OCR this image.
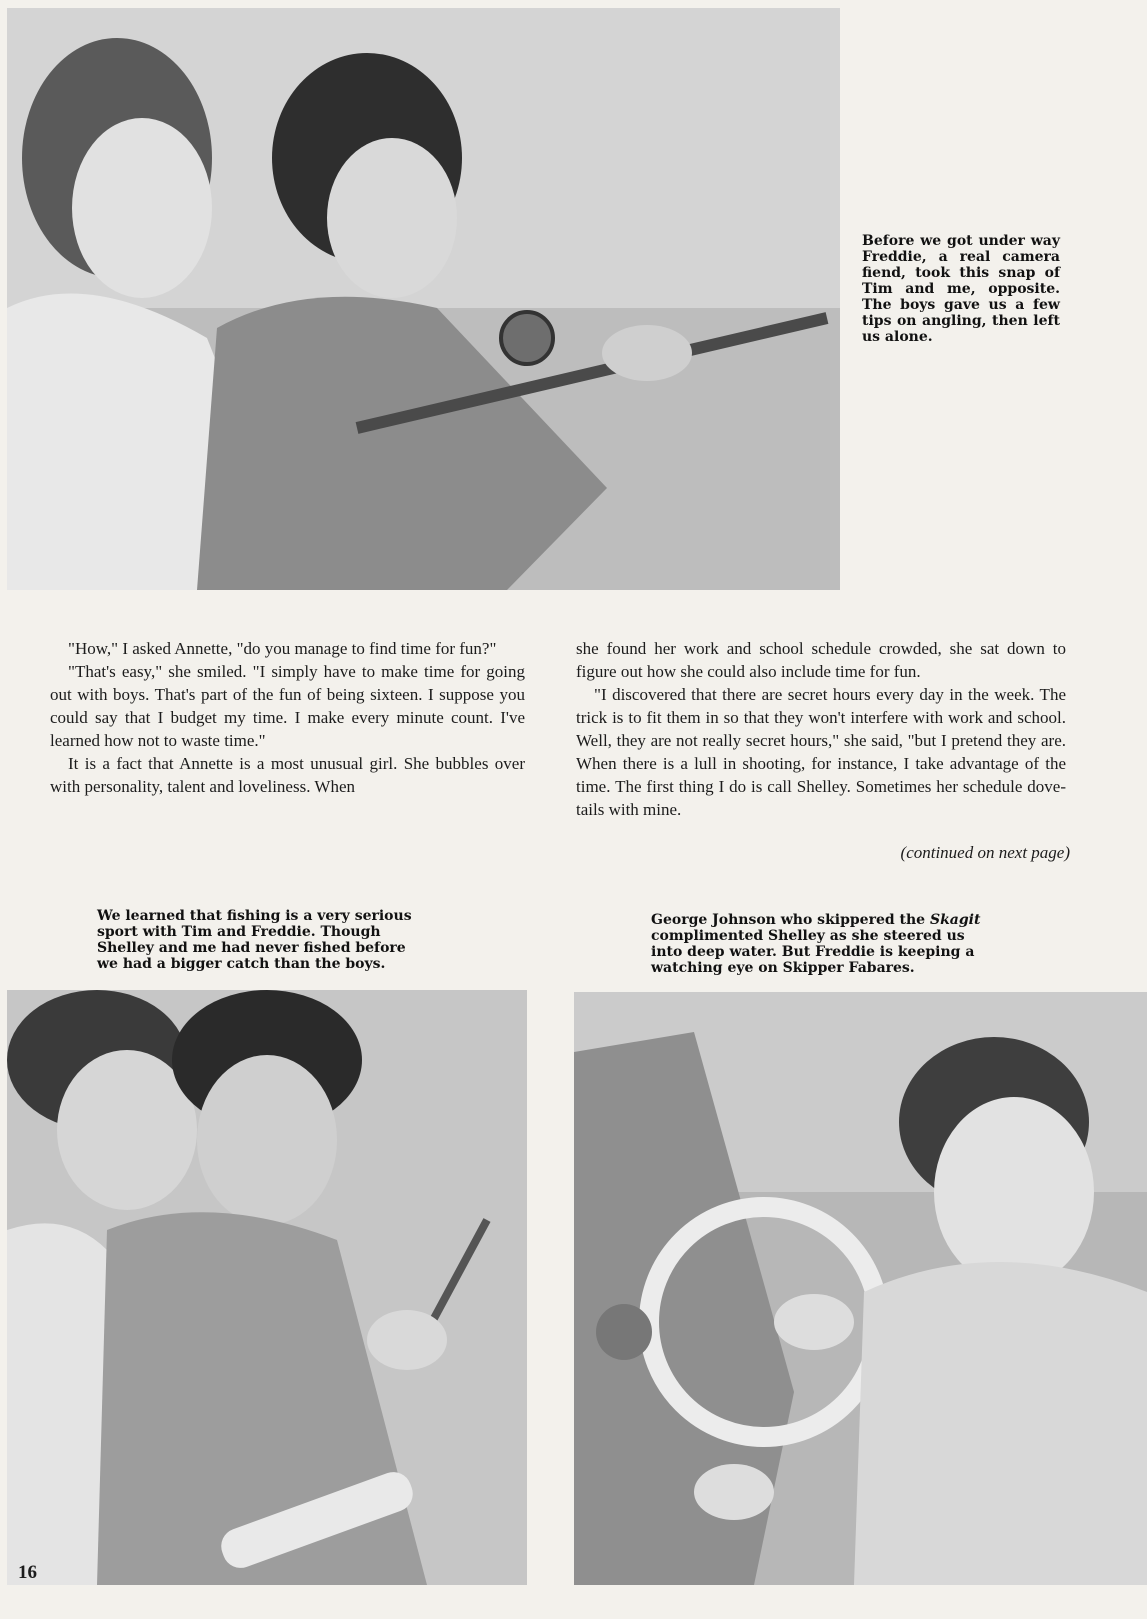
Before we got under way Freddie, a real camera fiend, took this snap of Tim and me, opposite. The boys gave us a few tips on angling, then left us alone.

"How," I asked Annette, "do you manage to find time for fun?"

"That's easy," she smiled. "I simply have to make time for going out with boys. That's part of the fun of being sixteen. I suppose you could say that I budget my time. I make every minute count. I've learned how not to waste time."

It is a fact that Annette is a most unusual girl. She bubbles over with personality, talent and loveliness. When

she found her work and school schedule crowded, she sat down to figure out how she could also include time for fun.

"I discovered that there are secret hours every day in the week. The trick is to fit them in so that they won't interfere with work and school. Well, they are not really secret hours," she said, "but I pretend they are. When there is a lull in shooting, for instance, I take advantage of the time. The first thing I do is call Shelley. Sometimes her schedule dove-tails with mine.

(continued on next page)
We learned that fishing is a very serious sport with Tim and Freddie. Though Shelley and me had never fished before we had a bigger catch than the boys.
George Johnson who skippered the Skagit complimented Shelley as she steered us into deep water. But Freddie is keeping a watching eye on Skipper Fabares.
16
